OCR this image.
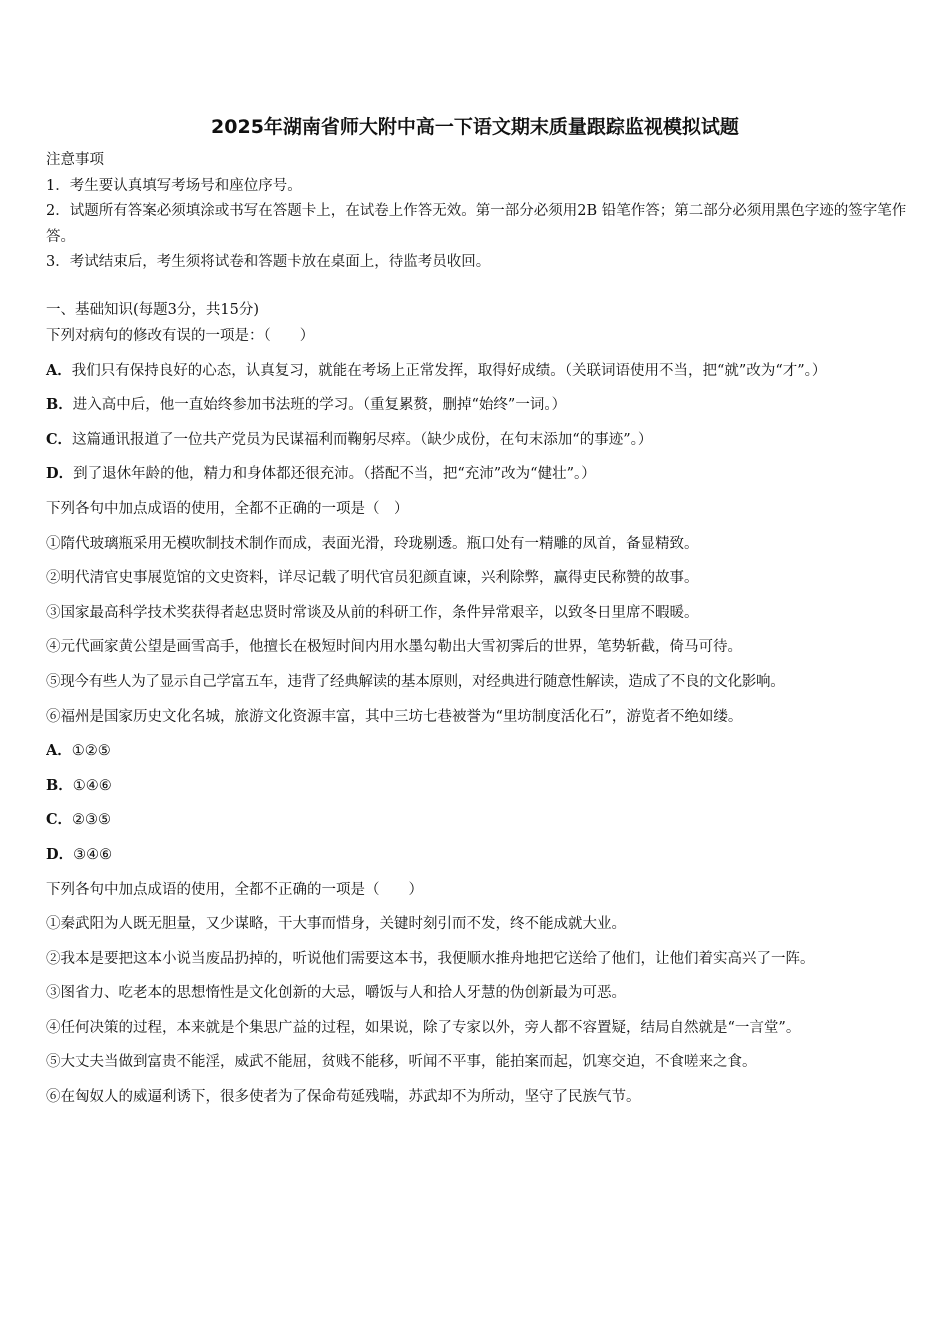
2025年湖南省师大附中高一下语文期末质量跟踪监视模拟试题
注意事项
1．考生要认真填写考场号和座位序号。
2．试题所有答案必须填涂或书写在答题卡上，在试卷上作答无效。第一部分必须用2B 铅笔作答；第二部分必须用黑色字迹的签字笔作答。
3．考试结束后，考生须将试卷和答题卡放在桌面上，待监考员收回。
一、基础知识(每题3分，共15分)
下列对病句的修改有误的一项是：（　　）
A．我们只有保持良好的心态，认真复习，就能在考场上正常发挥，取得好成绩。（关联词语使用不当，把“就”改为“才”。）
B．进入高中后，他一直始终参加书法班的学习。（重复累赘，删掉“始终”一词。）
C．这篇通讯报道了一位共产党员为民谋福利而鞠躬尽瘁。（缺少成份，在句末添加“的事迹”。）
D．到了退休年龄的他，精力和身体都还很充沛。（搭配不当，把“充沛”改为“健壮”。）
下列各句中加点成语的使用，全都不正确的一项是（　）
①隋代玻璃瓶采用无模吹制技术制作而成，表面光滑，玲珑剔透。瓶口处有一精雕的凤首，备显精致。
②明代清官史事展览馆的文史资料，详尽记载了明代官员犯颜直谏，兴利除弊，赢得吏民称赞的故事。
③国家最高科学技术奖获得者赵忠贤时常谈及从前的科研工作，条件异常艰辛，以致冬日里席不暇暖。
④元代画家黄公望是画雪高手，他擅长在极短时间内用水墨勾勒出大雪初霁后的世界，笔势斩截，倚马可待。
⑤现今有些人为了显示自己学富五车，违背了经典解读的基本原则，对经典进行随意性解读，造成了不良的文化影响。
⑥福州是国家历史文化名城，旅游文化资源丰富，其中三坊七巷被誉为“里坊制度活化石”，游览者不绝如缕。
A．①②⑤
B．①④⑥
C．②③⑤
D．③④⑥
下列各句中加点成语的使用，全都不正确的一项是（　　）
①秦武阳为人既无胆量，又少谋略，干大事而惜身，关键时刻引而不发，终不能成就大业。
②我本是要把这本小说当废品扔掉的，听说他们需要这本书，我便顺水推舟地把它送给了他们，让他们着实高兴了一阵。
③图省力、吃老本的思想惰性是文化创新的大忌，嚼饭与人和拾人牙慧的伪创新最为可恶。
④任何决策的过程，本来就是个集思广益的过程，如果说，除了专家以外，旁人都不容置疑，结局自然就是“一言堂”。
⑤大丈夫当做到富贵不能淫，威武不能屈，贫贱不能移，听闻不平事，能拍案而起，饥寒交迫，不食嗟来之食。
⑥在匈奴人的威逼利诱下，很多使者为了保命苟延残喘，苏武却不为所动，坚守了民族气节。
